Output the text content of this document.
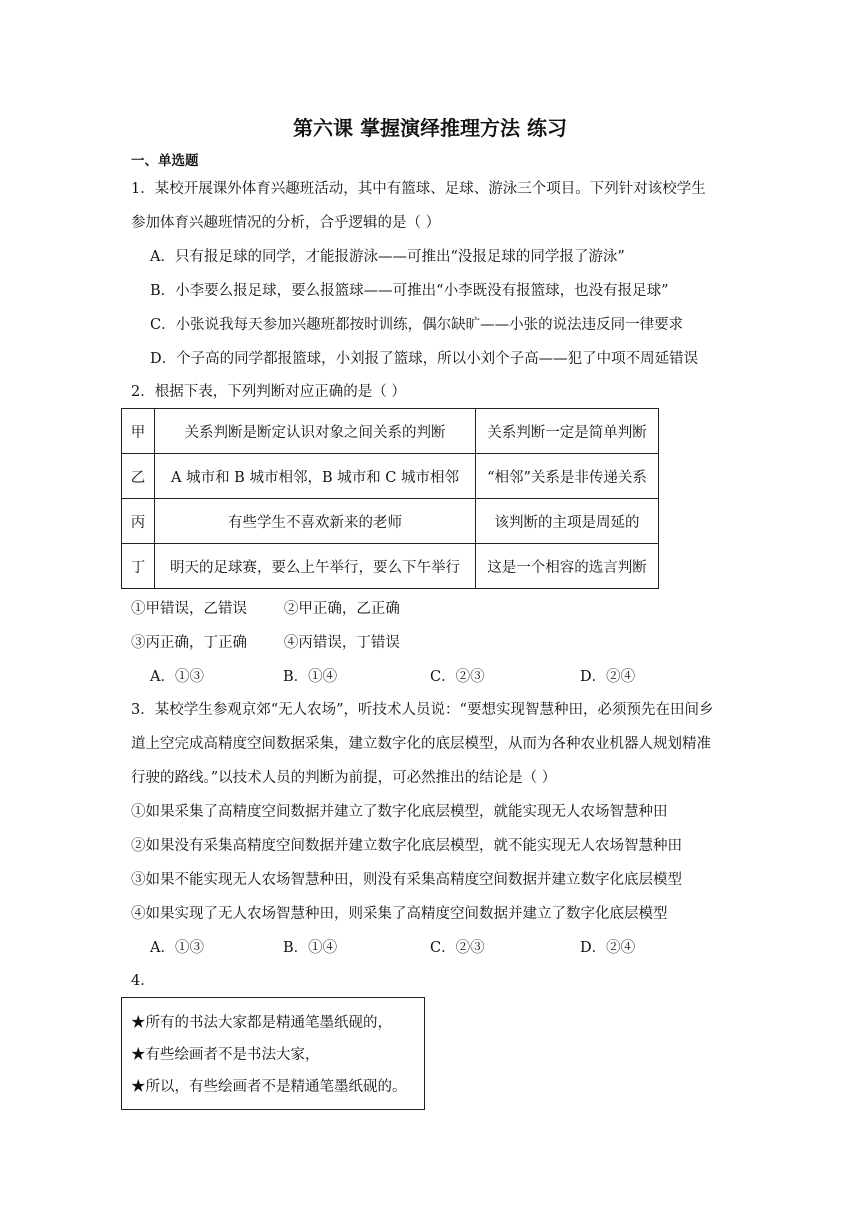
第六课 掌握演绎推理方法 练习
一、单选题
1．某校开展课外体育兴趣班活动，其中有篮球、足球、游泳三个项目。下列针对该校学生
参加体育兴趣班情况的分析，合乎逻辑的是（ ）
A．只有报足球的同学，才能报游泳——可推出“没报足球的同学报了游泳”
B．小李要么报足球，要么报篮球——可推出“小李既没有报篮球，也没有报足球”
C．小张说我每天参加兴趣班都按时训练，偶尔缺旷——小张的说法违反同一律要求
D．个子高的同学都报篮球，小刘报了篮球，所以小刘个子高——犯了中项不周延错误
2．根据下表，下列判断对应正确的是（ ）
甲	关系判断是断定认识对象之间关系的判断	关系判断一定是简单判断
乙	A 城市和 B 城市相邻，B 城市和 C 城市相邻	“相邻”关系是非传递关系
丙	有些学生不喜欢新来的老师	该判断的主项是周延的
丁	明天的足球赛，要么上午举行，要么下午举行	这是一个相容的选言判断
①甲错误，乙错误        ②甲正确，乙正确
③丙正确，丁正确        ④丙错误，丁错误
A．①③	B．①④	C．②③	D．②④
3．某校学生参观京郊“无人农场”，听技术人员说：“要想实现智慧种田，必须预先在田间乡
道上空完成高精度空间数据采集，建立数字化的底层模型，从而为各种农业机器人规划精准
行驶的路线。”以技术人员的判断为前提，可必然推出的结论是（ ）
①如果采集了高精度空间数据并建立了数字化底层模型，就能实现无人农场智慧种田
②如果没有采集高精度空间数据并建立数字化底层模型，就不能实现无人农场智慧种田
③如果不能实现无人农场智慧种田，则没有采集高精度空间数据并建立数字化底层模型
④如果实现了无人农场智慧种田，则采集了高精度空间数据并建立了数字化底层模型
A．①③	B．①④	C．②③	D．②④
4．
★所有的书法大家都是精通笔墨纸砚的，
★有些绘画者不是书法大家，
★所以，有些绘画者不是精通笔墨纸砚的。
